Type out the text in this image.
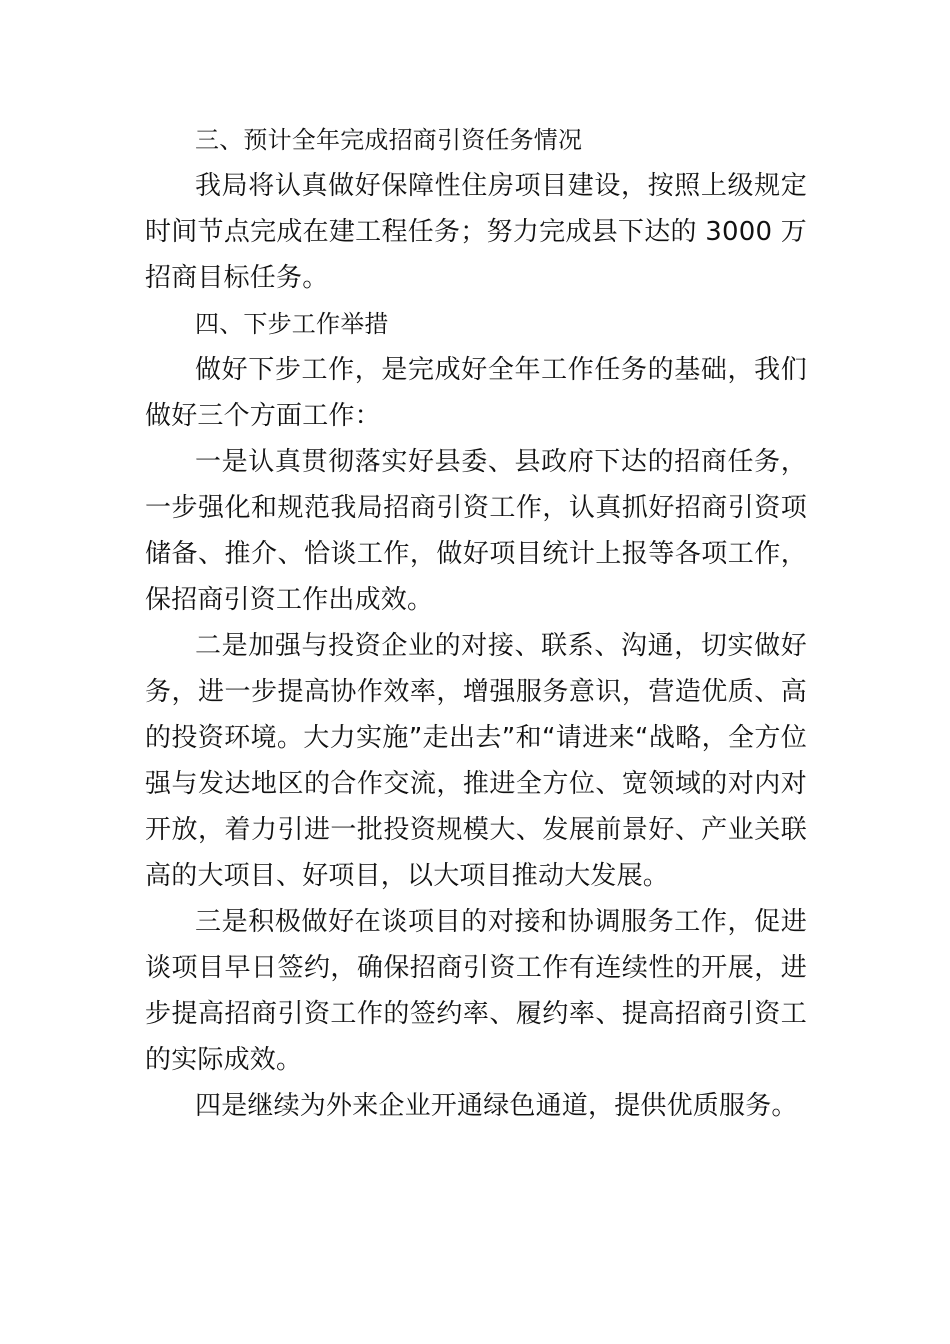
三、预计全年完成招商引资任务情况
我局将认真做好保障性住房项目建设，按照上级规定
时间节点完成在建工程任务；努力完成县下达的 3000 万
招商目标任务。
四、下步工作举措
做好下步工作，是完成好全年工作任务的基础，我们
做好三个方面工作：
一是认真贯彻落实好县委、县政府下达的招商任务，
一步强化和规范我局招商引资工作，认真抓好招商引资项
储备、推介、恰谈工作，做好项目统计上报等各项工作，
保招商引资工作出成效。
二是加强与投资企业的对接、联系、沟通，切实做好
务，进一步提高协作效率，增强服务意识，营造优质、高
的投资环境。大力实施”走出去”和“请进来“战略，全方位
强与发达地区的合作交流，推进全方位、宽领域的对内对
开放，着力引进一批投资规模大、发展前景好、产业关联
高的大项目、好项目，以大项目推动大发展。
三是积极做好在谈项目的对接和协调服务工作，促进
谈项目早日签约，确保招商引资工作有连续性的开展，进
步提高招商引资工作的签约率、履约率、提高招商引资工
的实际成效。
四是继续为外来企业开通绿色通道，提供优质服务。
